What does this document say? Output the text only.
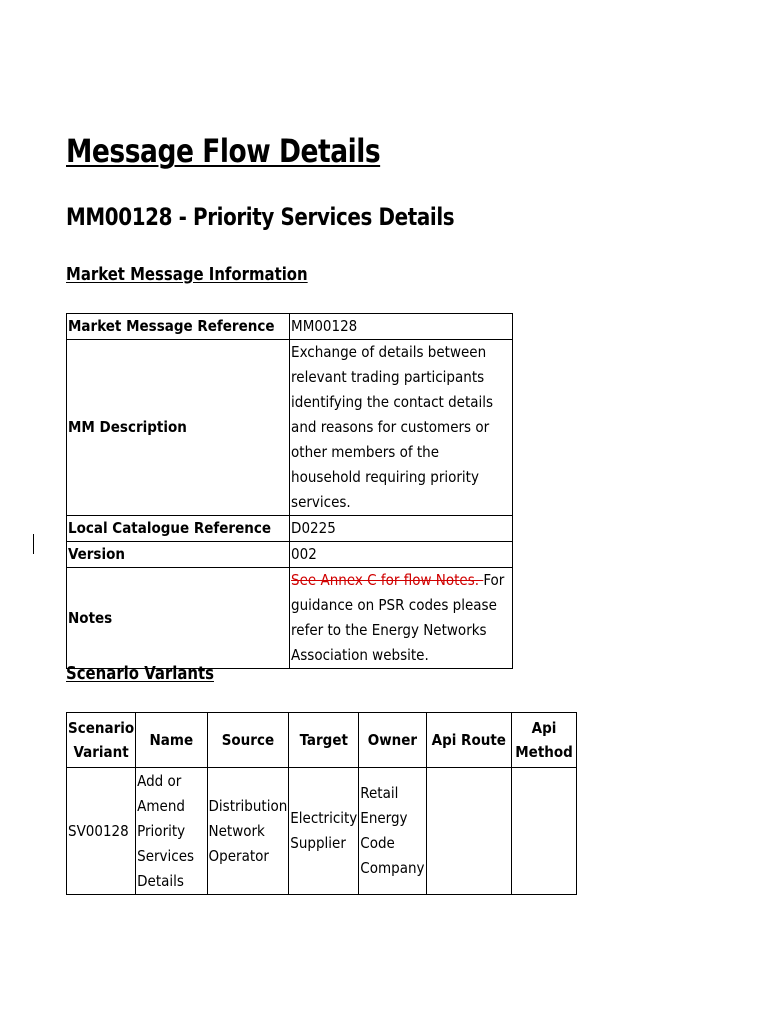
Message Flow Details
MM00128 - Priority Services Details
Market Message Information
Market Message Reference	MM00128
MM Description	Exchange of details between relevant trading participants identifying the contact details and reasons for customers or other members of the household requiring priority services.
Local Catalogue Reference	D0225
Version	002
Notes	See Annex C for flow Notes. For guidance on PSR codes please refer to the Energy Networks Association website.
Scenario Variants
Scenario Variant	Name	Source	Target	Owner	Api Route	Api Method
SV00128	Add or Amend Priority Services Details	Distribution Network Operator	Electricity Supplier	Retail Energy Code Company		
